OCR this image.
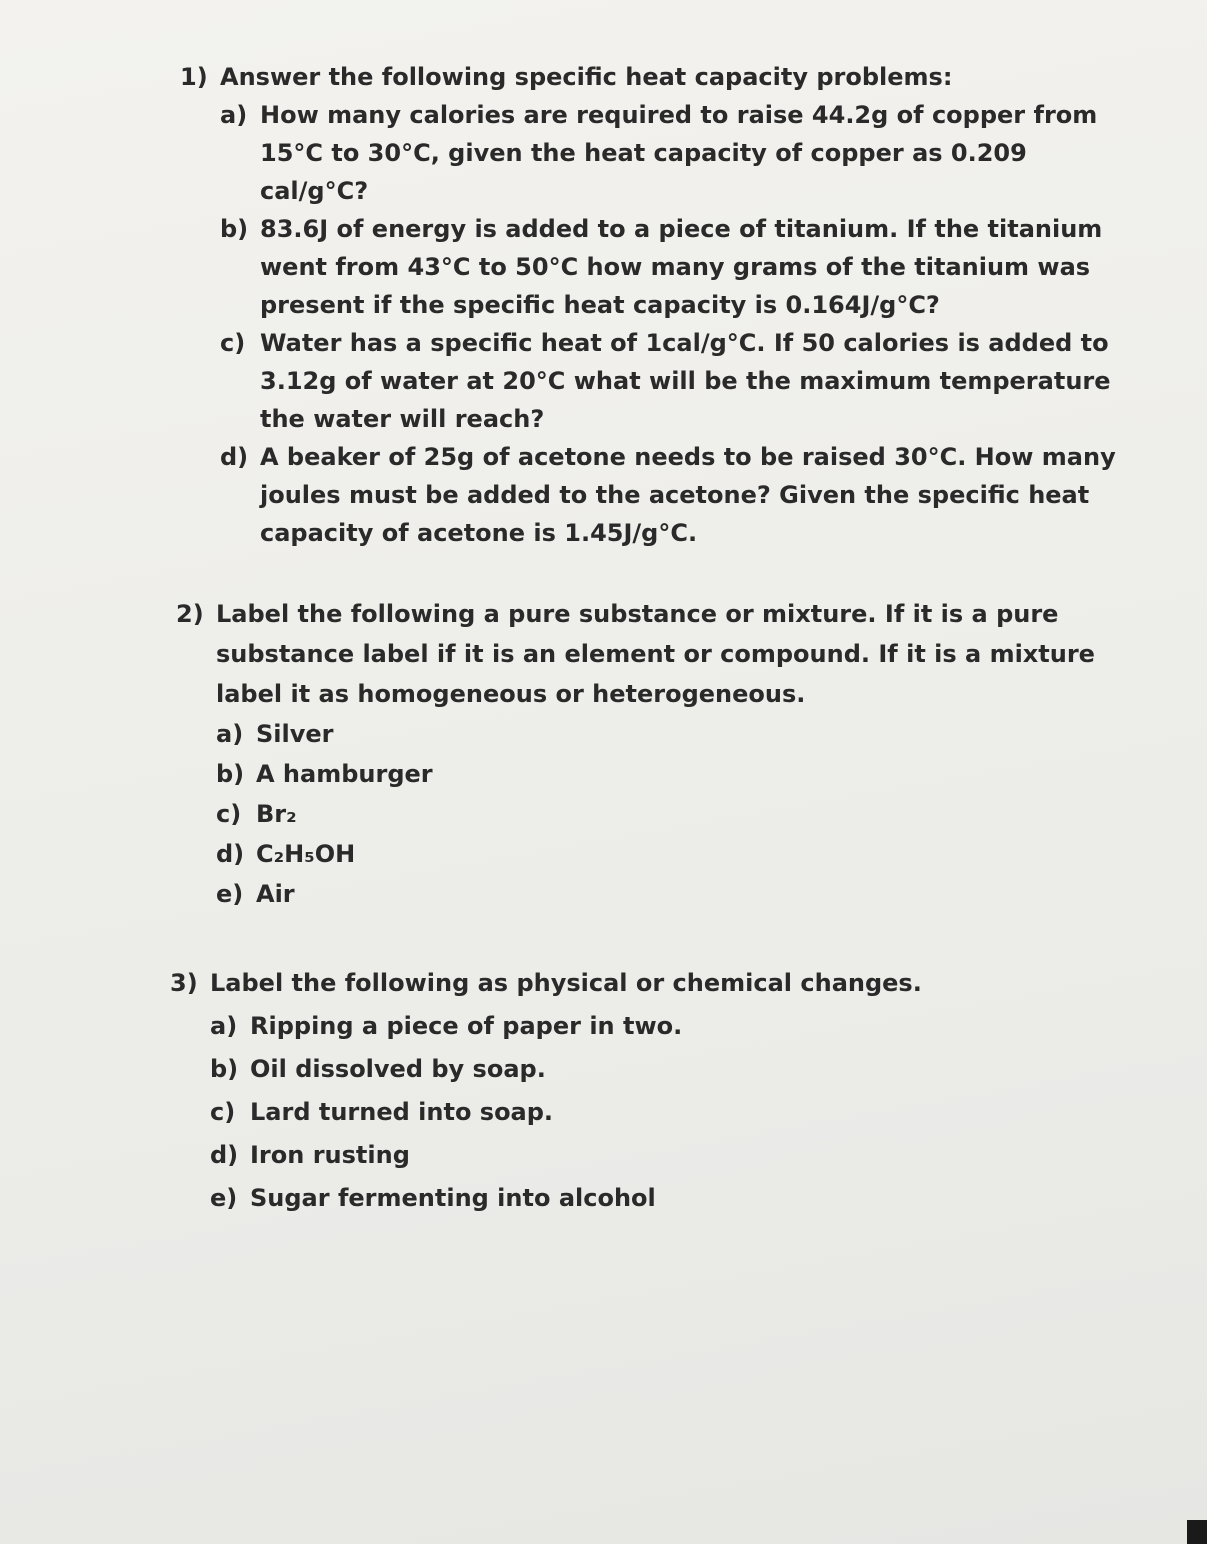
1) Answer the following specific heat capacity problems:
a) How many calories are required to raise 44.2g of copper from 15°C to 30°C, given the heat capacity of copper as 0.209 cal/g°C?
b) 83.6J of energy is added to a piece of titanium. If the titanium went from 43°C to 50°C how many grams of the titanium was present if the specific heat capacity is 0.164J/g°C?
c) Water has a specific heat of 1cal/g°C. If 50 calories is added to 3.12g of water at 20°C what will be the maximum temperature the water will reach?
d) A beaker of 25g of acetone needs to be raised 30°C. How many joules must be added to the acetone? Given the specific heat capacity of acetone is 1.45J/g°C.
2) Label the following a pure substance or mixture. If it is a pure substance label if it is an element or compound. If it is a mixture label it as homogeneous or heterogeneous.
a) Silver
b) A hamburger
c) Br₂
d) C₂H₅OH
e) Air
3) Label the following as physical or chemical changes.
a) Ripping a piece of paper in two.
b) Oil dissolved by soap.
c) Lard turned into soap.
d) Iron rusting
e) Sugar fermenting into alcohol
